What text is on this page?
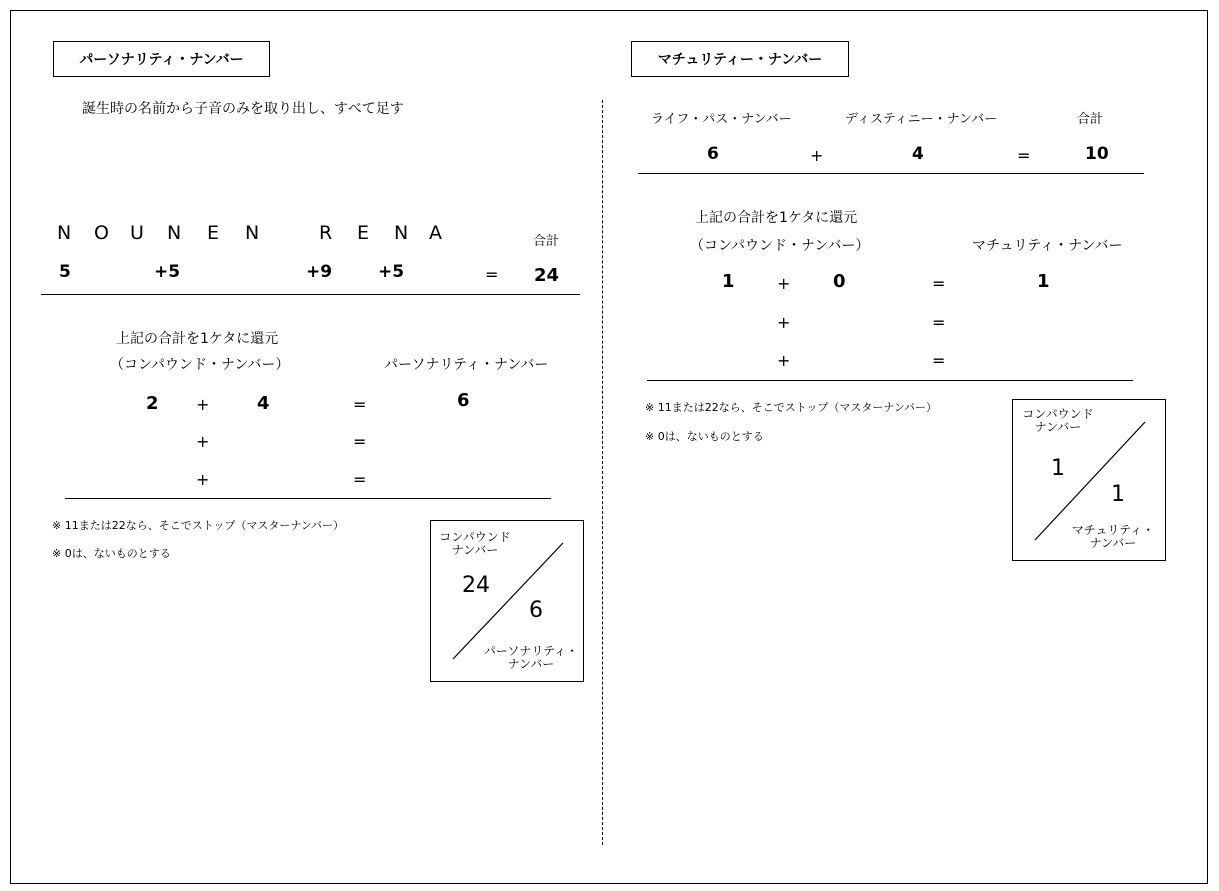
パーソナリティ・ナンバー
誕生時の名前から子音のみを取り出し、すべて足す
N O U N E N	R E N A	合計
5	+5	+9	+5	= 24
上記の合計を1ケタに還元
（コンパウンド・ナンバー）	パーソナリティ・ナンバー
2 +	4	=	6
+	=
+	=
※ 11または22なら、そこでストップ（マスターナンバー）
※ 0は、ないものとする
コンパウンド
ナンバー
24
6
パーソナリティ・
ナンバー
マチュリティー・ナンバー
ライフ・パス・ナンバー	ディスティニー・ナンバー	合計
6	+	4	=	10
上記の合計を1ケタに還元
（コンパウンド・ナンバー）	マチュリティ・ナンバー
1	+ 0	=	1
+	=
+	=
※ 11または22なら、そこでストップ（マスターナンバー）
※ 0は、ないものとする
コンパウンド
ナンバー
1
1
マチュリティ・
ナンバー
